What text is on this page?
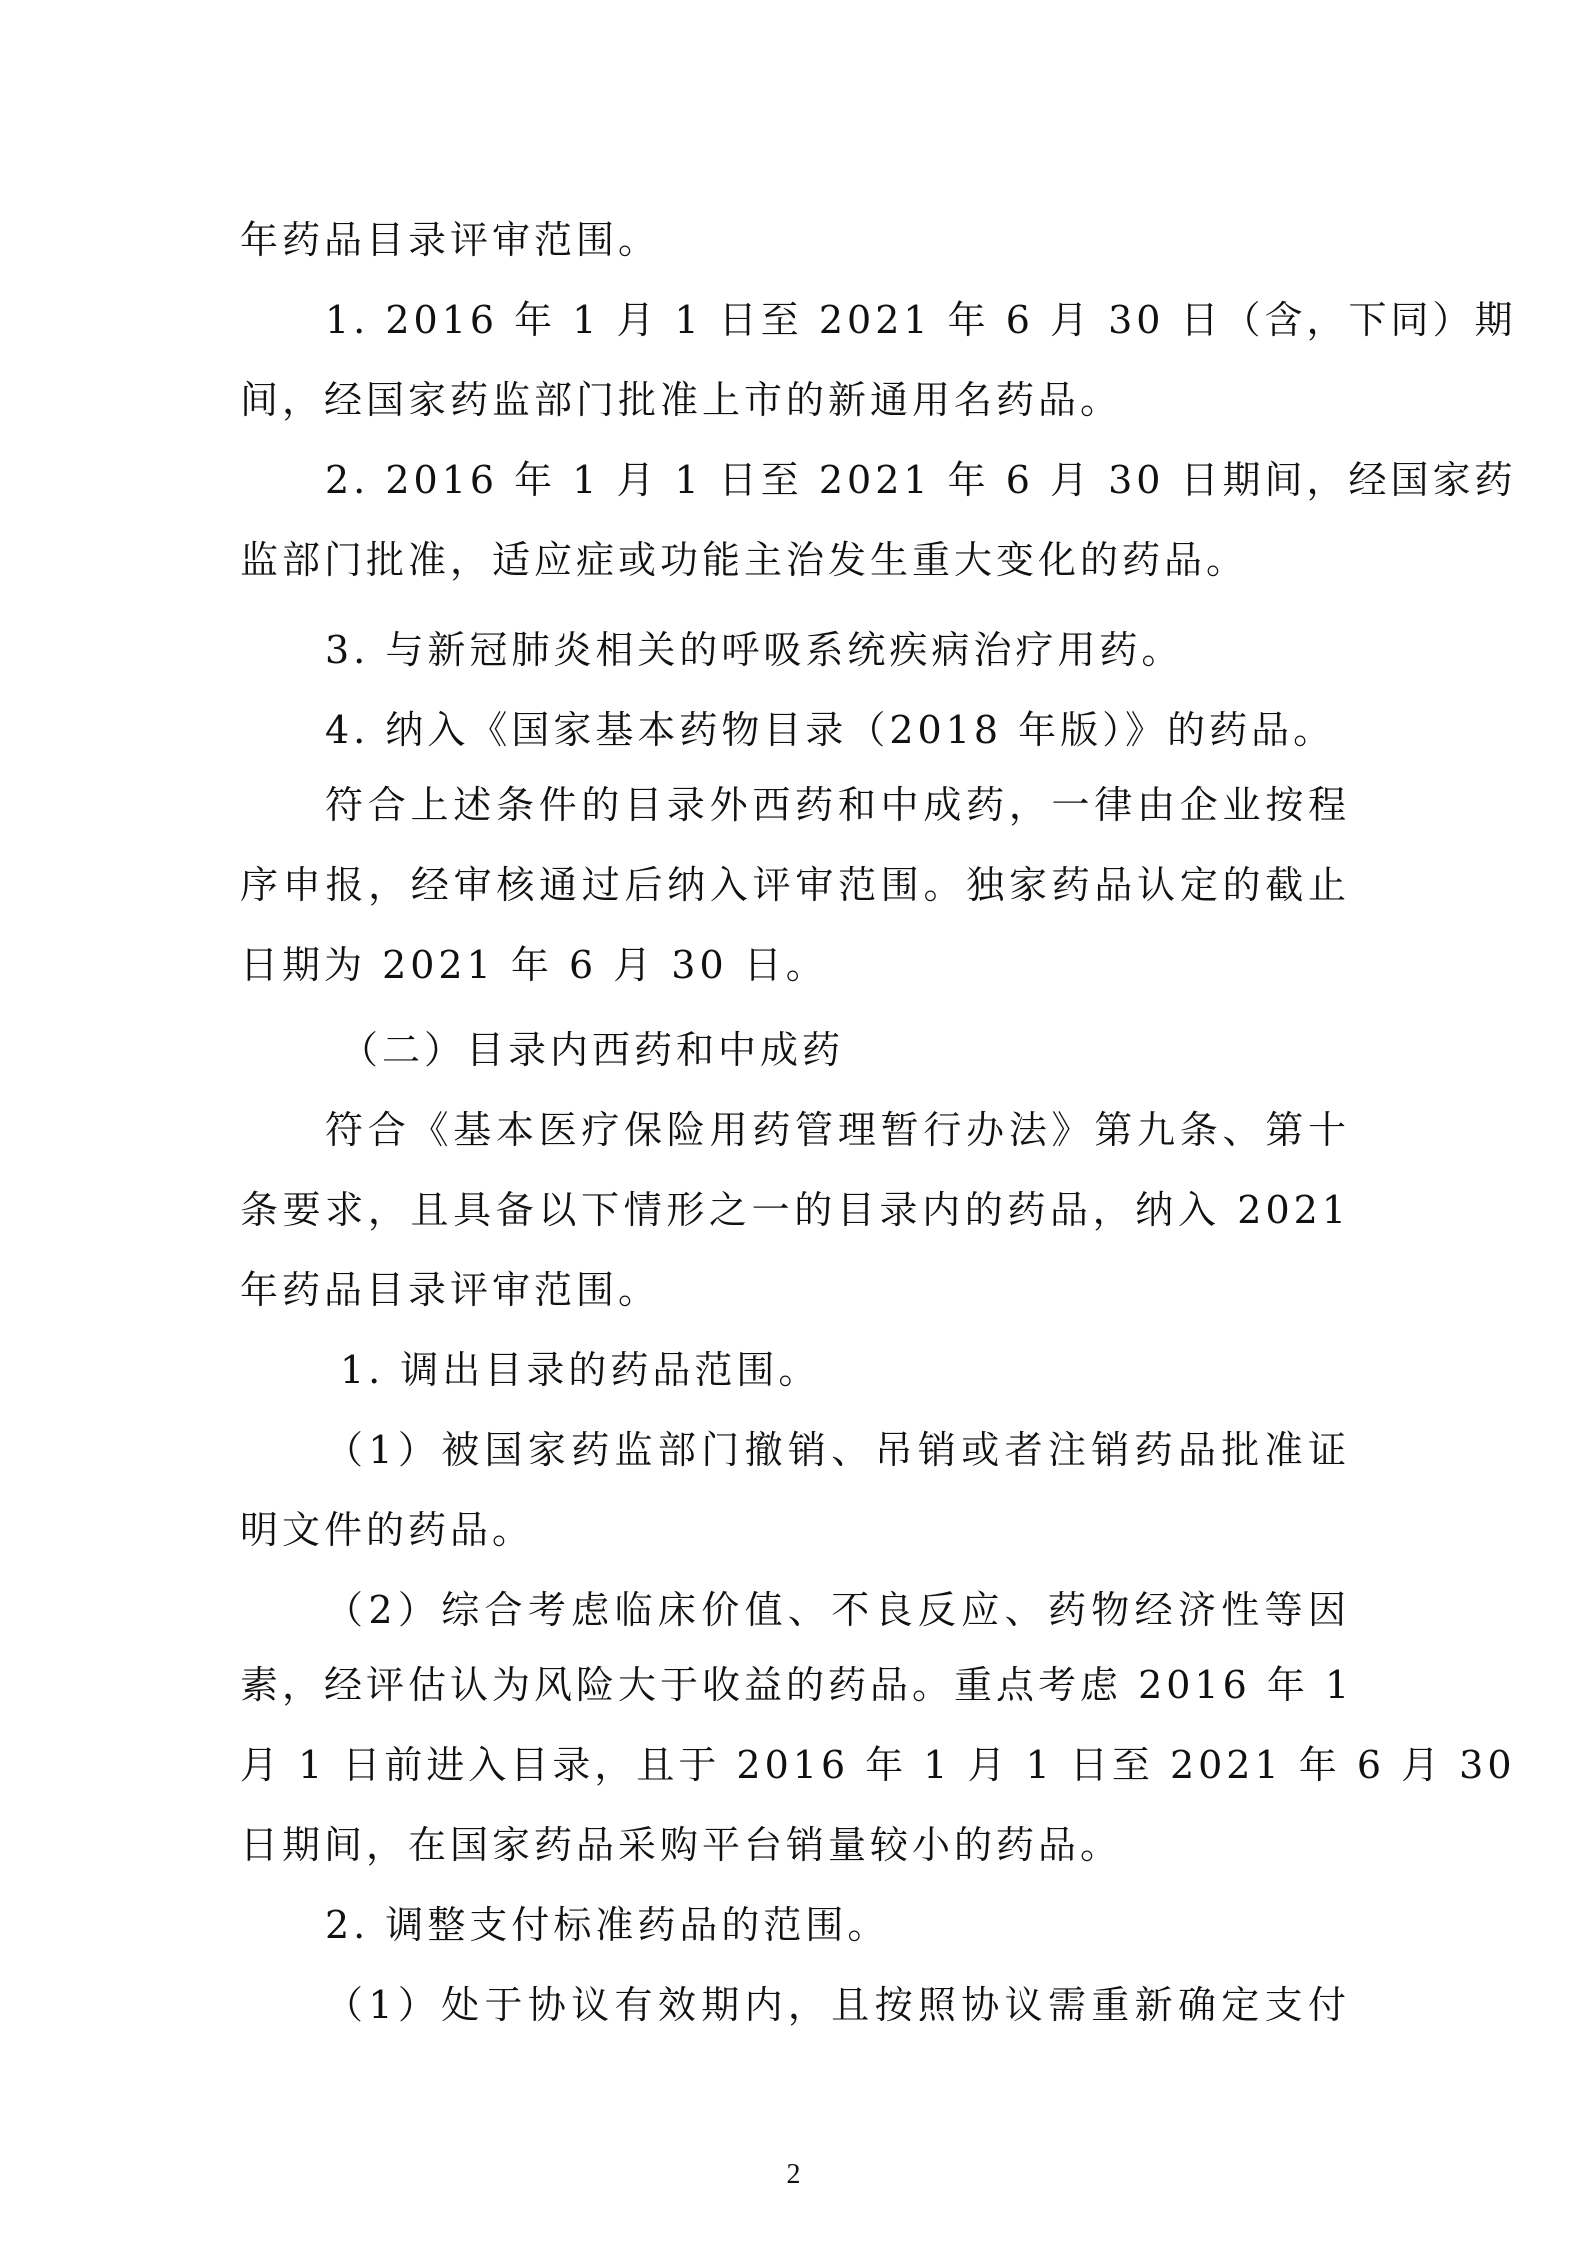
年药品目录评审范围。
1. 2016 年 1 月 1 日至 2021 年 6 月 30 日（含，下同）期
间，经国家药监部门批准上市的新通用名药品。
2. 2016 年 1 月 1 日至 2021 年 6 月 30 日期间，经国家药
监部门批准，适应症或功能主治发生重大变化的药品。
3. 与新冠肺炎相关的呼吸系统疾病治疗用药。
4. 纳入《国家基本药物目录（2018 年版）》的药品。
符合上述条件的目录外西药和中成药，一律由企业按程
序申报，经审核通过后纳入评审范围。独家药品认定的截止
日期为 2021 年 6 月 30 日。
（二）目录内西药和中成药
符合《基本医疗保险用药管理暂行办法》第九条、第十
条要求，且具备以下情形之一的目录内的药品，纳入 2021
年药品目录评审范围。
1. 调出目录的药品范围。
（1）被国家药监部门撤销、吊销或者注销药品批准证
明文件的药品。
（2）综合考虑临床价值、不良反应、药物经济性等因
素，经评估认为风险大于收益的药品。重点考虑 2016 年 1
月 1 日前进入目录，且于 2016 年 1 月 1 日至 2021 年 6 月 30
日期间，在国家药品采购平台销量较小的药品。
2. 调整支付标准药品的范围。
（1）处于协议有效期内，且按照协议需重新确定支付
2
